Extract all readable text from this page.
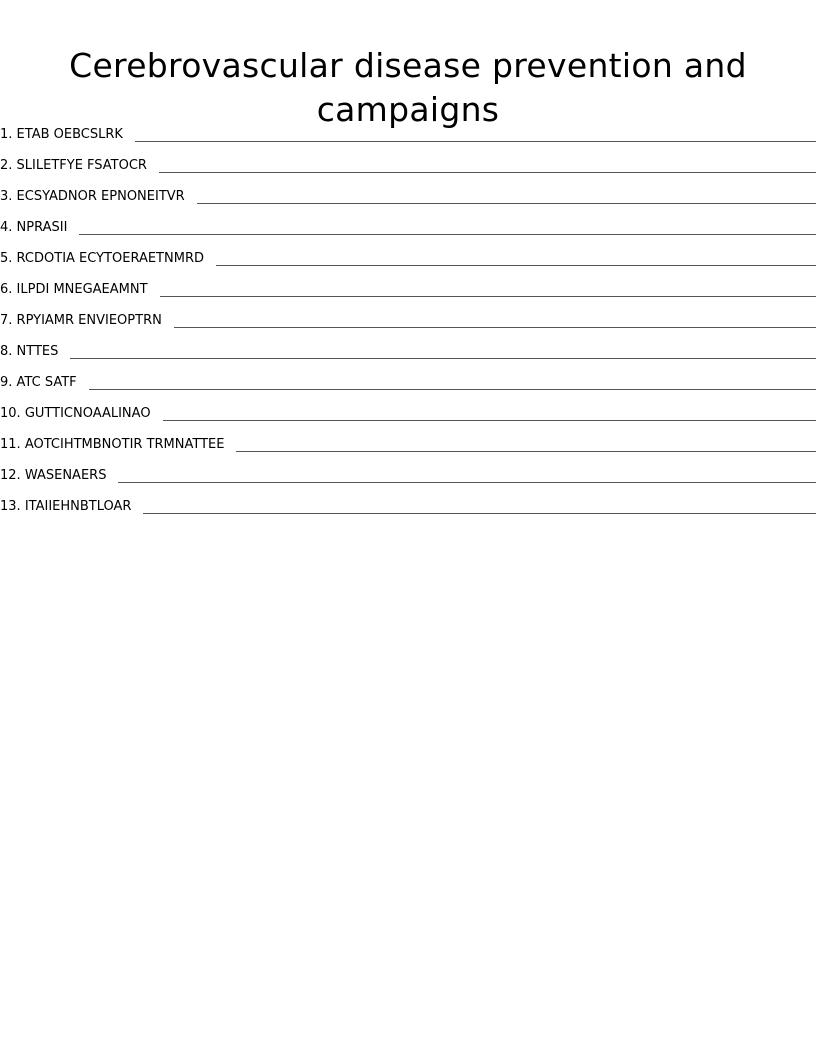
Cerebrovascular disease prevention and campaigns
1. ETAB OEBCSLRK
2. SLILETFYE FSATOCR
3. ECSYADNOR EPNONEITVR
4. NPRASII
5. RCDOTIA ECYTOERAETNMRD
6. ILPDI MNEGAEAMNT
7. RPYIAMR ENVIEOPTRN
8. NTTES
9. ATC SATF
10. GUTTICNOAALINAO
11. AOTCIHTMBNOTIR TRMNATTEE
12. WASENAERS
13. ITAIIEHNBTLOAR
